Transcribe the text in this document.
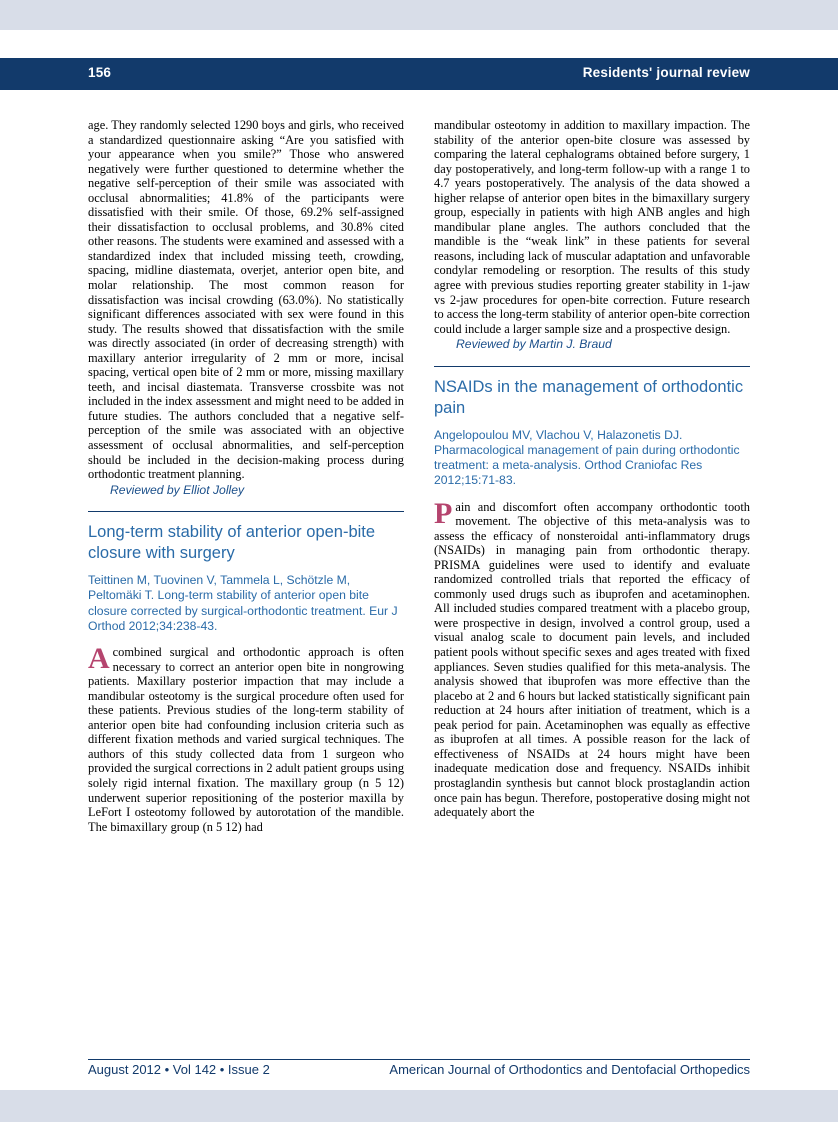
156	Residents' journal review

age. They randomly selected 1290 boys and girls, who received a standardized questionnaire asking “Are you satisfied with your appearance when you smile?” Those who answered negatively were further questioned to determine whether the negative self-perception of their smile was associated with occlusal abnormalities; 41.8% of the participants were dissatisfied with their smile. Of those, 69.2% self-assigned their dissatisfaction to occlusal problems, and 30.8% cited other reasons. The students were examined and assessed with a standardized index that included missing teeth, crowding, spacing, midline diastemata, overjet, anterior open bite, and molar relationship. The most common reason for dissatisfaction was incisal crowding (63.0%). No statistically significant differences associated with sex were found in this study. The results showed that dissatisfaction with the smile was directly associated (in order of decreasing strength) with maxillary anterior irregularity of 2 mm or more, incisal spacing, vertical open bite of 2 mm or more, missing maxillary teeth, and incisal diastemata. Transverse crossbite was not included in the index assessment and might need to be added in future studies. The authors concluded that a negative self-perception of the smile was associated with an objective assessment of occlusal abnormalities, and self-perception should be included in the decision-making process during orthodontic treatment planning.

Reviewed by Elliot Jolley

Long-term stability of anterior open-bite closure with surgery

Teittinen M, Tuovinen V, Tammela L, Schötzle M, Peltomäki T. Long-term stability of anterior open bite closure corrected by surgical-orthodontic treatment. Eur J Orthod 2012;34:238-43.

Acombined surgical and orthodontic approach is often necessary to correct an anterior open bite in nongrowing patients. Maxillary posterior impaction that may include a mandibular osteotomy is the surgical procedure often used for these patients. Previous studies of the long-term stability of anterior open bite had confounding inclusion criteria such as different fixation methods and varied surgical techniques. The authors of this study collected data from 1 surgeon who provided the surgical corrections in 2 adult patient groups using solely rigid internal fixation. The maxillary group (n 5 12) underwent superior repositioning of the posterior maxilla by LeFort I osteotomy followed by autorotation of the mandible. The bimaxillary group (n 5 12) had

mandibular osteotomy in addition to maxillary impaction. The stability of the anterior open-bite closure was assessed by comparing the lateral cephalograms obtained before surgery, 1 day postoperatively, and long-term follow-up with a range 1 to 4.7 years postoperatively. The analysis of the data showed a higher relapse of anterior open bites in the bimaxillary surgery group, especially in patients with high ANB angles and high mandibular plane angles. The authors concluded that the mandible is the “weak link” in these patients for several reasons, including lack of muscular adaptation and unfavorable condylar remodeling or resorption. The results of this study agree with previous studies reporting greater stability in 1-jaw vs 2-jaw procedures for open-bite correction. Future research to access the long-term stability of anterior open-bite correction could include a larger sample size and a prospective design.

Reviewed by Martin J. Braud

NSAIDs in the management of orthodontic pain

Angelopoulou MV, Vlachou V, Halazonetis DJ. Pharmacological management of pain during orthodontic treatment: a meta-analysis. Orthod Craniofac Res 2012;15:71-83.

Pain and discomfort often accompany orthodontic tooth movement. The objective of this meta-analysis was to assess the efficacy of nonsteroidal anti-inflammatory drugs (NSAIDs) in managing pain from orthodontic therapy. PRISMA guidelines were used to identify and evaluate randomized controlled trials that reported the efficacy of commonly used drugs such as ibuprofen and acetaminophen. All included studies compared treatment with a placebo group, were prospective in design, involved a control group, used a visual analog scale to document pain levels, and included patient pools without specific sexes and ages treated with fixed appliances. Seven studies qualified for this meta-analysis. The analysis showed that ibuprofen was more effective than the placebo at 2 and 6 hours but lacked statistically significant pain reduction at 24 hours after initiation of treatment, which is a peak period for pain. Acetaminophen was equally as effective as ibuprofen at all times. A possible reason for the lack of effectiveness of NSAIDs at 24 hours might have been inadequate medication dose and frequency. NSAIDs inhibit prostaglandin synthesis but cannot block prostaglandin action once pain has begun. Therefore, postoperative dosing might not adequately abort the

August 2012 • Vol 142 • Issue 2	American Journal of Orthodontics and Dentofacial Orthopedics
